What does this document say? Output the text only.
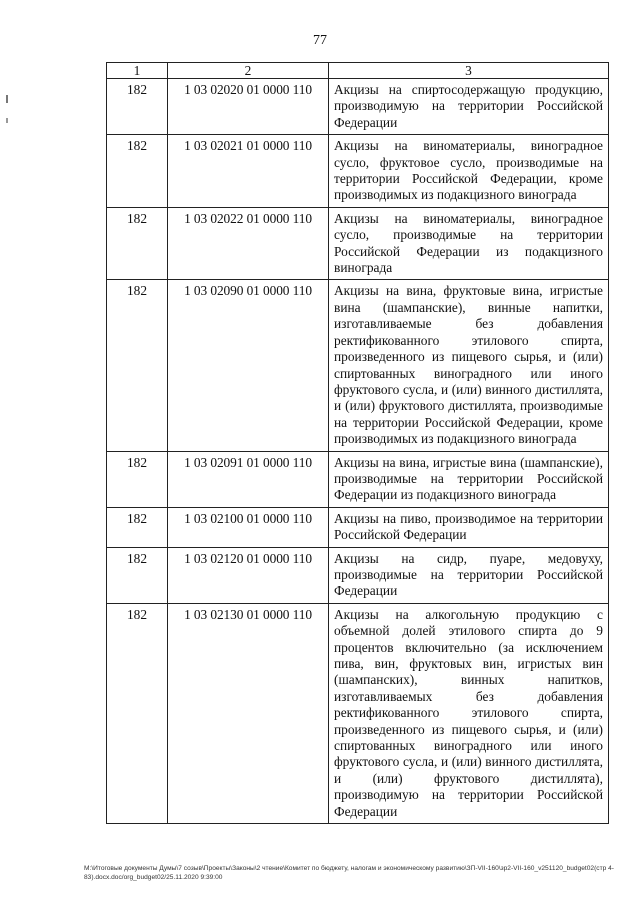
77
1	2	3
182	1 03 02020 01 0000 110	Акцизы на спиртосодержащую продукцию, производимую на территории Российской Федерации
182	1 03 02021 01 0000 110	Акцизы на виноматериалы, виноградное сусло, фруктовое сусло, производимые на территории Российской Федерации, кроме производимых из подакцизного винограда
182	1 03 02022 01 0000 110	Акцизы на виноматериалы, виноградное сусло, производимые на территории Российской Федерации из подакцизного винограда
182	1 03 02090 01 0000 110	Акцизы на вина, фруктовые вина, игристые вина (шампанские), винные напитки, изготавливаемые без добавления ректификованного этилового спирта, произведенного из пищевого сырья, и (или) спиртованных виноградного или иного фруктового сусла, и (или) винного дистиллята, и (или) фруктового дистиллята, производимые на территории Российской Федерации, кроме производимых из подакцизного винограда
182	1 03 02091 01 0000 110	Акцизы на вина, игристые вина (шампанские), производимые на территории Российской Федерации из подакцизного винограда
182	1 03 02100 01 0000 110	Акцизы на пиво, производимое на территории Российской Федерации
182	1 03 02120 01 0000 110	Акцизы на сидр, пуаре, медовуху, производимые на территории Российской Федерации
182	1 03 02130 01 0000 110	Акцизы на алкогольную продукцию с объемной долей этилового спирта до 9 процентов включительно (за исключением пива, вин, фруктовых вин, игристых вин (шампанских), винных напитков, изготавливаемых без добавления ректификованного этилового спирта, произведенного из пищевого сырья, и (или) спиртованных виноградного или иного фруктового сусла, и (или) винного дистиллята, и (или) фруктового дистиллята), производимую на территории Российской Федерации
М:\Итоговые документы Думы\7 созыв\Проекты\Законы\2 чтение\Комитет по бюджету, налогам и экономическому развитию\ЗП-VII-160\зр2-VII-160_v251120_budget02(стр 4-83).docx.doc/org_budget02/25.11.2020 9:39:00
